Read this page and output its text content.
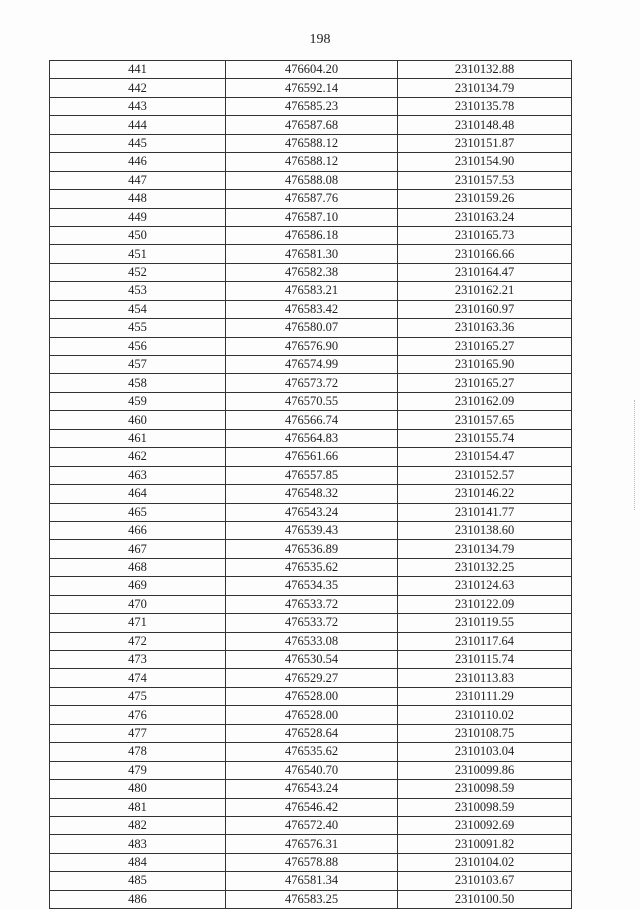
198
441	476604.20	2310132.88
442	476592.14	2310134.79
443	476585.23	2310135.78
444	476587.68	2310148.48
445	476588.12	2310151.87
446	476588.12	2310154.90
447	476588.08	2310157.53
448	476587.76	2310159.26
449	476587.10	2310163.24
450	476586.18	2310165.73
451	476581.30	2310166.66
452	476582.38	2310164.47
453	476583.21	2310162.21
454	476583.42	2310160.97
455	476580.07	2310163.36
456	476576.90	2310165.27
457	476574.99	2310165.90
458	476573.72	2310165.27
459	476570.55	2310162.09
460	476566.74	2310157.65
461	476564.83	2310155.74
462	476561.66	2310154.47
463	476557.85	2310152.57
464	476548.32	2310146.22
465	476543.24	2310141.77
466	476539.43	2310138.60
467	476536.89	2310134.79
468	476535.62	2310132.25
469	476534.35	2310124.63
470	476533.72	2310122.09
471	476533.72	2310119.55
472	476533.08	2310117.64
473	476530.54	2310115.74
474	476529.27	2310113.83
475	476528.00	2310111.29
476	476528.00	2310110.02
477	476528.64	2310108.75
478	476535.62	2310103.04
479	476540.70	2310099.86
480	476543.24	2310098.59
481	476546.42	2310098.59
482	476572.40	2310092.69
483	476576.31	2310091.82
484	476578.88	2310104.02
485	476581.34	2310103.67
486	476583.25	2310100.50
